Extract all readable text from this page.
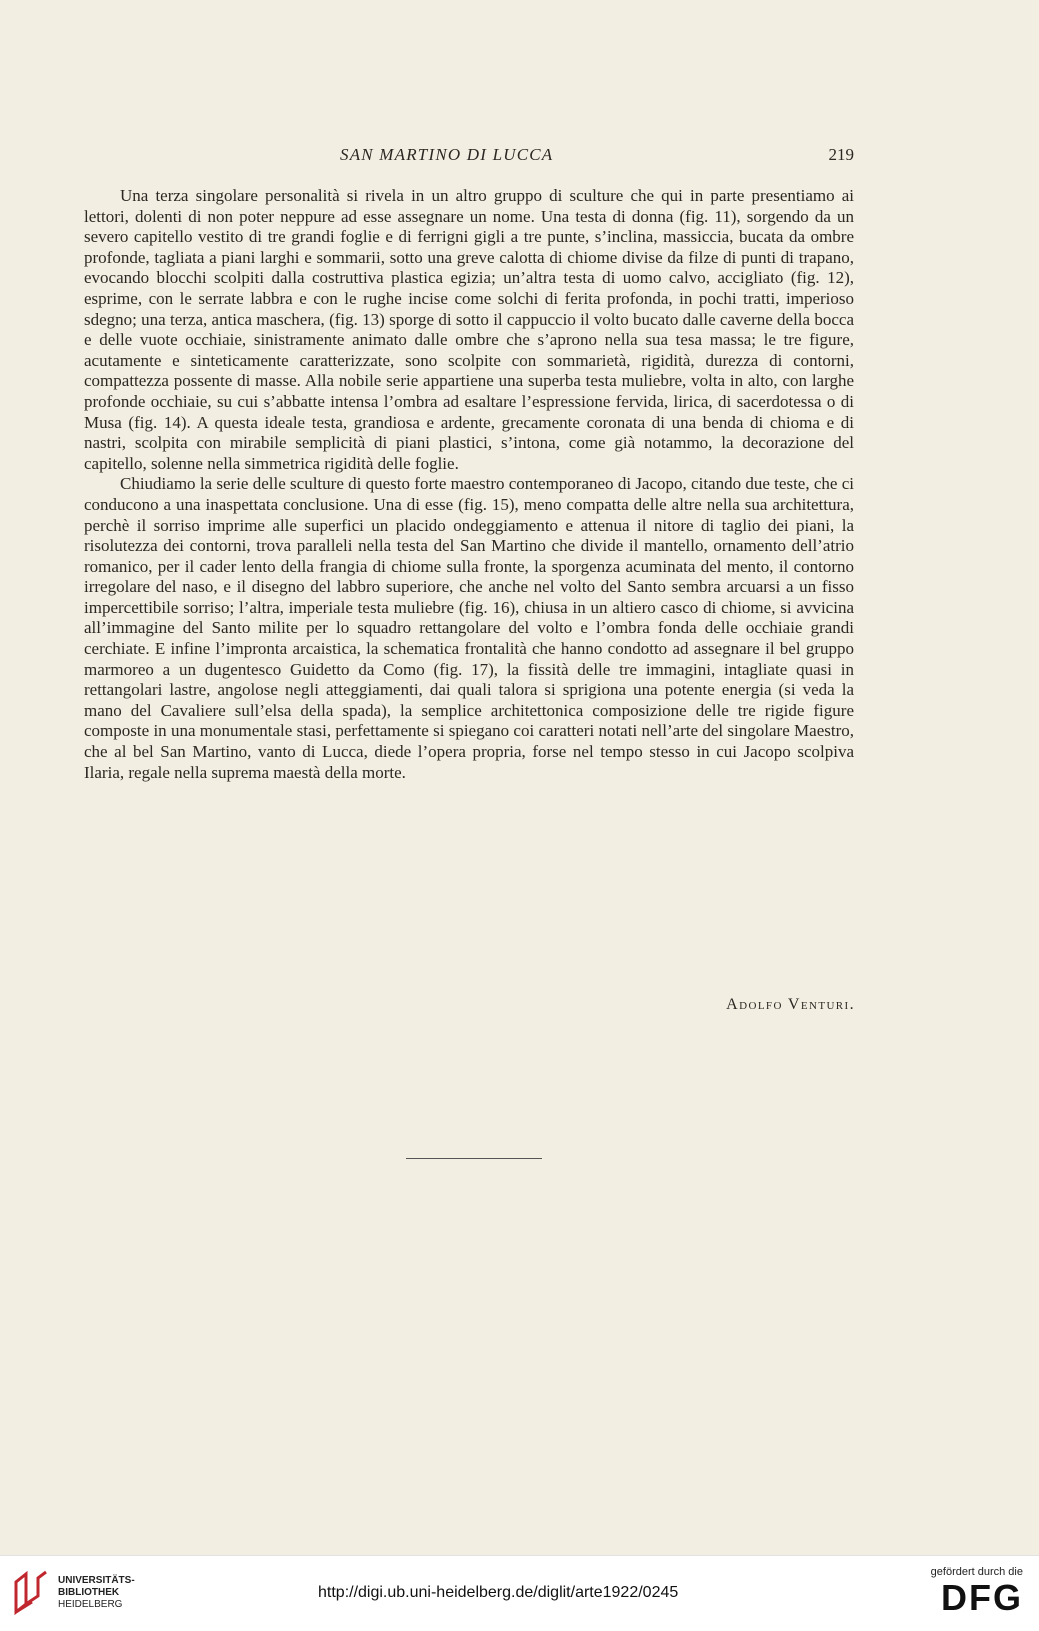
SAN MARTINO DI LUCCA	219

Una terza singolare personalità si rivela in un altro gruppo di sculture che qui in parte presentiamo ai lettori, dolenti di non poter neppure ad esse assegnare un nome. Una testa di donna (fig. 11), sorgendo da un severo capitello vestito di tre grandi foglie e di ferrigni gigli a tre punte, s’inclina, massiccia, bucata da ombre profonde, tagliata a piani larghi e sommarii, sotto una greve calotta di chiome divise da filze di punti di trapano, evocando blocchi scolpiti dalla costruttiva plastica egizia; un’altra testa di uomo calvo, accigliato (fig. 12), esprime, con le serrate labbra e con le rughe incise come solchi di ferita profonda, in pochi tratti, imperioso sdegno; una terza, antica maschera, (fig. 13) sporge di sotto il cappuccio il volto bucato dalle caverne della bocca e delle vuote occhiaie, sinistramente animato dalle ombre che s’aprono nella sua tesa massa; le tre figure, acutamente e sinteticamente caratterizzate, sono scolpite con sommarietà, rigidità, durezza di contorni, compattezza possente di masse. Alla nobile serie appartiene una superba testa muliebre, volta in alto, con larghe profonde occhiaie, su cui s’abbatte intensa l’ombra ad esaltare l’espressione fervida, lirica, di sacerdotessa o di Musa (fig. 14). A questa ideale testa, grandiosa e ardente, grecamente coronata di una benda di chioma e di nastri, scolpita con mirabile semplicità di piani plastici, s’intona, come già notammo, la decorazione del capitello, solenne nella simmetrica rigidità delle foglie.

Chiudiamo la serie delle sculture di questo forte maestro contemporaneo di Jacopo, citando due teste, che ci conducono a una inaspettata conclusione. Una di esse (fig. 15), meno compatta delle altre nella sua architettura, perchè il sorriso imprime alle superfici un placido ondeggiamento e attenua il nitore di taglio dei piani, la risolutezza dei contorni, trova paralleli nella testa del San Martino che divide il mantello, ornamento dell’atrio romanico, per il cader lento della frangia di chiome sulla fronte, la sporgenza acuminata del mento, il contorno irregolare del naso, e il disegno del labbro superiore, che anche nel volto del Santo sembra arcuarsi a un fisso impercettibile sorriso; l’altra, imperiale testa muliebre (fig. 16), chiusa in un altiero casco di chiome, si avvicina all’immagine del Santo milite per lo squadro rettangolare del volto e l’ombra fonda delle occhiaie grandi cerchiate. E infine l’impronta arcaistica, la schematica frontalità che hanno condotto ad assegnare il bel gruppo marmoreo a un dugentesco Guidetto da Como (fig. 17), la fissità delle tre immagini, intagliate quasi in rettangolari lastre, angolose negli atteggiamenti, dai quali talora si sprigiona una potente energia (si veda la mano del Cavaliere sull’elsa della spada), la semplice architettonica composizione delle tre rigide figure composte in una monumentale stasi, perfettamente si spiegano coi caratteri notati nell’arte del singolare Maestro, che al bel San Martino, vanto di Lucca, diede l’opera propria, forse nel tempo stesso in cui Jacopo scolpiva Ilaria, regale nella suprema maestà della morte.

Adolfo Venturi.
UNIVERSITÄTS-
BIBLIOTHEK
HEIDELBERG
http://digi.ub.uni-heidelberg.de/diglit/arte1922/0245
gefördert durch die
DFG
